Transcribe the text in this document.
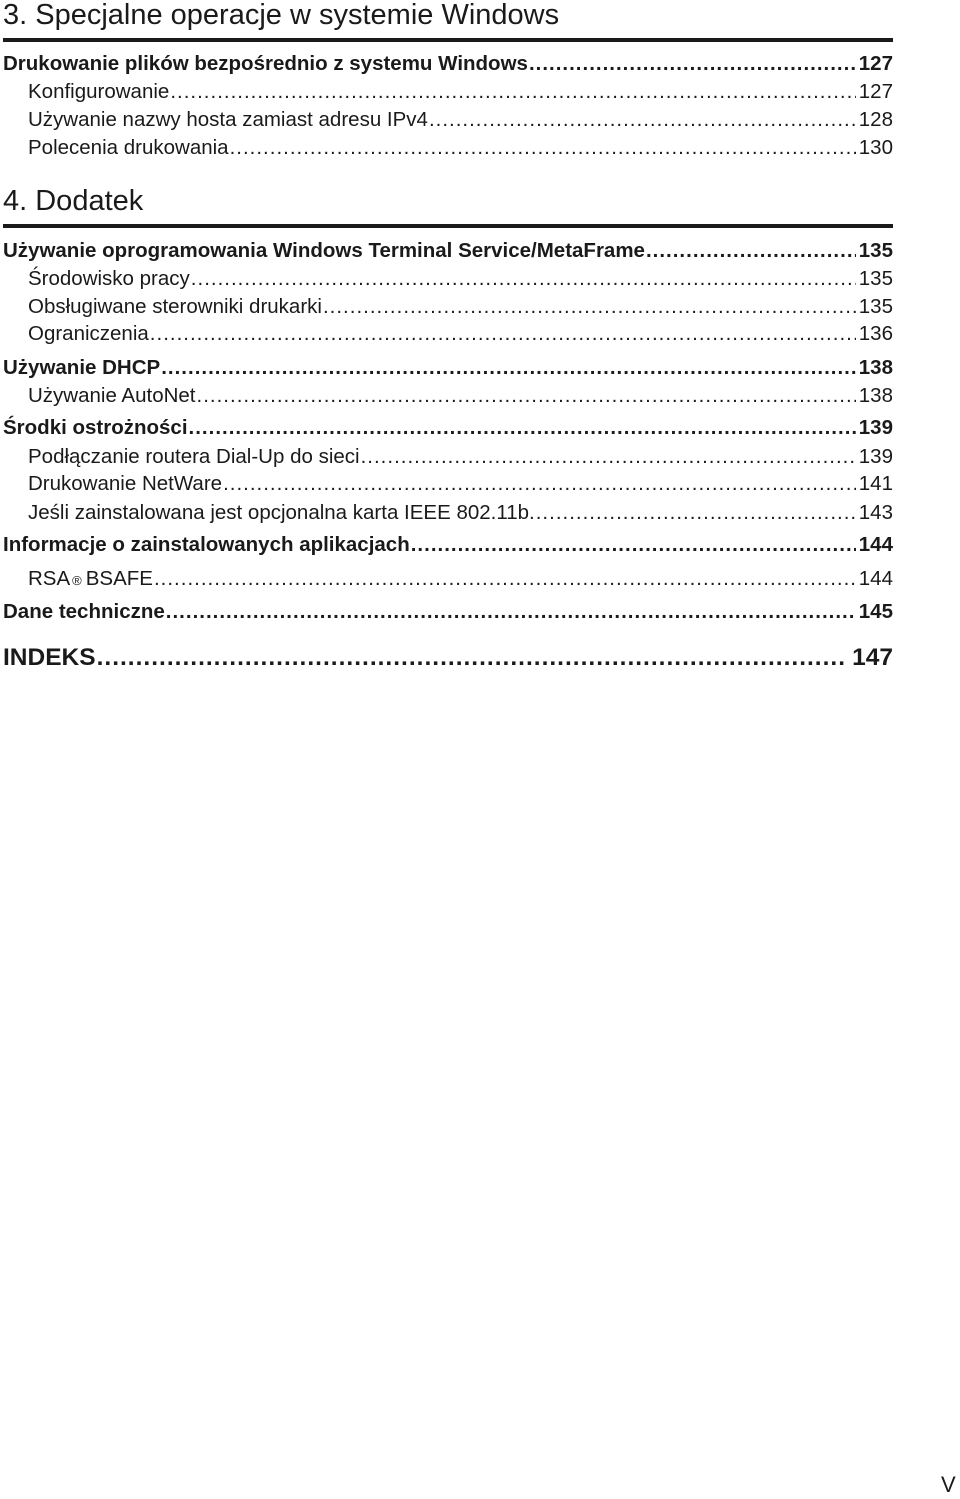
3. Specjalne operacje w systemie Windows
Drukowanie plików bezpośrednio z systemu Windows .....	127
Konfigurowanie .....	127
Używanie nazwy hosta zamiast adresu IPv4 .....	128
Polecenia drukowania .....	130
4. Dodatek
Używanie oprogramowania Windows Terminal Service/MetaFrame .....	135
Środowisko pracy .....	135
Obsługiwane sterowniki drukarki .....	135
Ograniczenia .....	136
Używanie DHCP .....	138
Używanie AutoNet .....	138
Środki ostrożności .....	139
Podłączanie routera Dial-Up do sieci .....	139
Drukowanie NetWare .....	141
Jeśli zainstalowana jest opcjonalna karta IEEE 802.11b. .....	143
Informacje o zainstalowanych aplikacjach .....	144
RSA ® BSAFE .....	144
Dane techniczne .....	145
INDEKS .....	147
V
